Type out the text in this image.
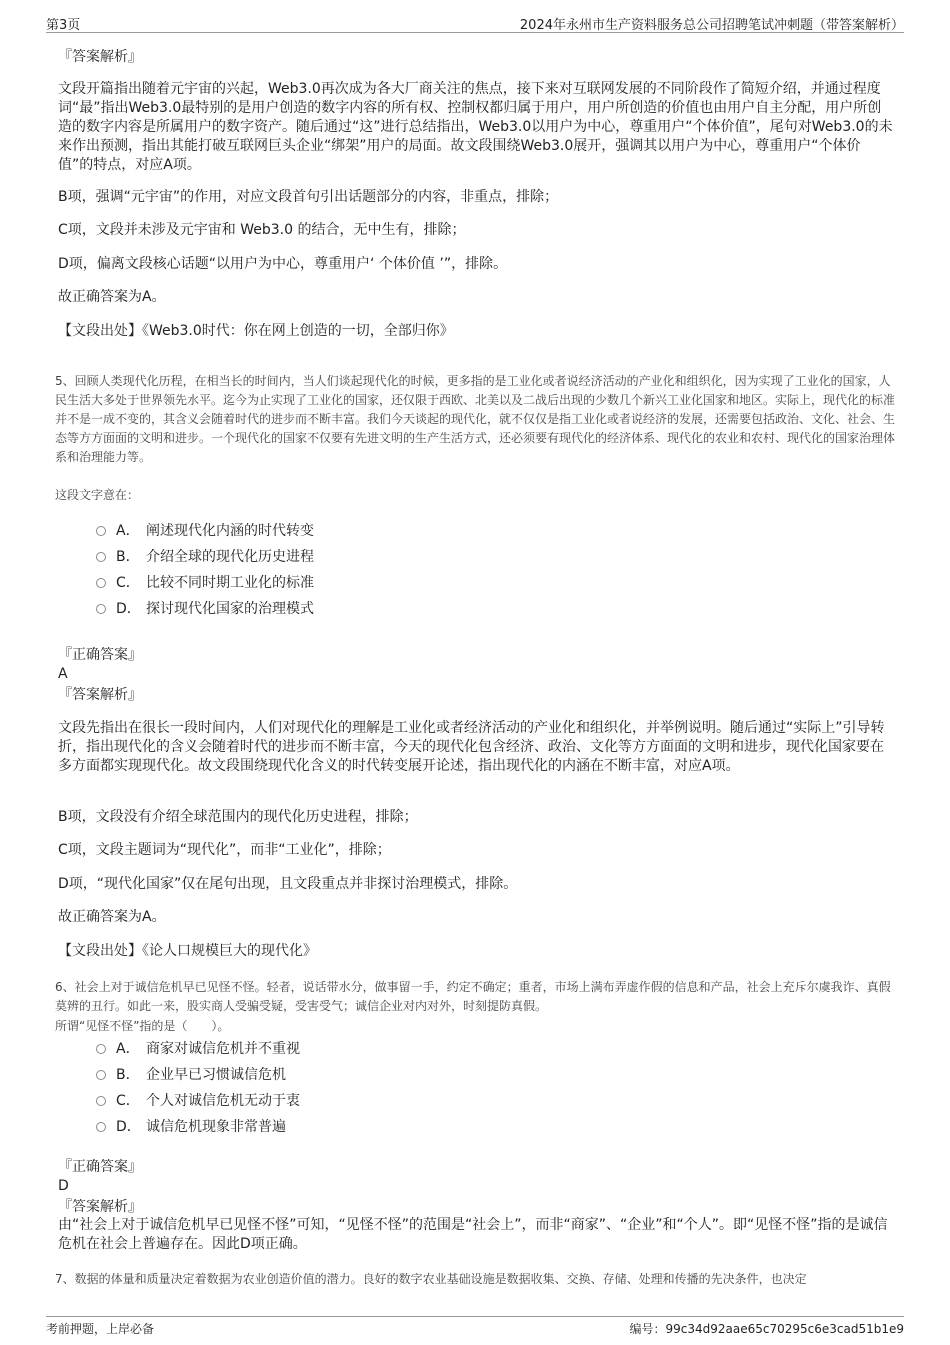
第3页	2024年永州市生产资料服务总公司招聘笔试冲刺题（带答案解析）
『答案解析』

文段开篇指出随着元宇宙的兴起，Web3.0再次成为各大厂商关注的焦点，接下来对互联网发展的不同阶段作了简短介绍，并通过程度词“最”指出Web3.0最特别的是用户创造的数字内容的所有权、控制权都归属于用户，用户所创造的价值也由用户自主分配，用户所创造的数字内容是所属用户的数字资产。随后通过“这”进行总结指出，Web3.0以用户为中心，尊重用户“个体价值”，尾句对Web3.0的未来作出预测，指出其能打破互联网巨头企业“绑架”用户的局面。故文段围绕Web3.0展开，强调其以用户为中心，尊重用户“个体价值”的特点，对应A项。

B项，强调“元宇宙”的作用，对应文段首句引出话题部分的内容，非重点，排除；

C项，文段并未涉及元宇宙和 Web3.0 的结合，无中生有，排除；

D项，偏离文段核心话题“以用户为中心，尊重用户‘ 个体价值 ’”，排除。

故正确答案为A。

【文段出处】《Web3.0时代：你在网上创造的一切，全部归你》

5、回顾人类现代化历程，在相当长的时间内，当人们谈起现代化的时候，更多指的是工业化或者说经济活动的产业化和组织化，因为实现了工业化的国家，人民生活大多处于世界领先水平。迄今为止实现了工业化的国家，还仅限于西欧、北美以及二战后出现的少数几个新兴工业化国家和地区。实际上，现代化的标准并不是一成不变的，其含义会随着时代的进步而不断丰富。我们今天谈起的现代化，就不仅仅是指工业化或者说经济的发展，还需要包括政治、文化、社会、生态等方方面面的文明和进步。一个现代化的国家不仅要有先进文明的生产生活方式，还必须要有现代化的经济体系、现代化的农业和农村、现代化的国家治理体系和治理能力等。

这段文字意在：

A． 阐述现代化内涵的时代转变
B． 介绍全球的现代化历史进程
C． 比较不同时期工业化的标准
D． 探讨现代化国家的治理模式
『正确答案』
A
『答案解析』

文段先指出在很长一段时间内，人们对现代化的理解是工业化或者经济活动的产业化和组织化，并举例说明。随后通过“实际上”引导转折，指出现代化的含义会随着时代的进步而不断丰富，今天的现代化包含经济、政治、文化等方方面面的文明和进步，现代化国家要在多方面都实现现代化。故文段围绕现代化含义的时代转变展开论述，指出现代化的内涵在不断丰富，对应A项。

B项，文段没有介绍全球范围内的现代化历史进程，排除；

C项，文段主题词为“现代化”，而非“工业化”，排除；

D项，“现代化国家”仅在尾句出现，且文段重点并非探讨治理模式，排除。

故正确答案为A。

【文段出处】《论人口规模巨大的现代化》

6、社会上对于诚信危机早已见怪不怪。轻者，说话带水分，做事留一手，约定不确定；重者，市场上满布弄虚作假的信息和产品，社会上充斥尔虞我诈、真假莫辨的丑行。如此一来，股实商人受骗受疑，受害受气；诚信企业对内对外，时刻提防真假。

所谓“见怪不怪”指的是（　　）。

A． 商家对诚信危机并不重视
B． 企业早已习惯诚信危机
C． 个人对诚信危机无动于衷
D． 诚信危机现象非常普遍
『正确答案』
D
『答案解析』

由“社会上对于诚信危机早已见怪不怪”可知，“见怪不怪”的范围是“社会上”，而非“商家”、“企业”和“个人”。即“见怪不怪”指的是诚信危机在社会上普遍存在。因此D项正确。

7、数据的体量和质量决定着数据为农业创造价值的潜力。良好的数字农业基础设施是数据收集、交换、存储、处理和传播的先决条件，也决定

考前押题，上岸必备	编号：99c34d92aae65c70295c6e3cad51b1e9
